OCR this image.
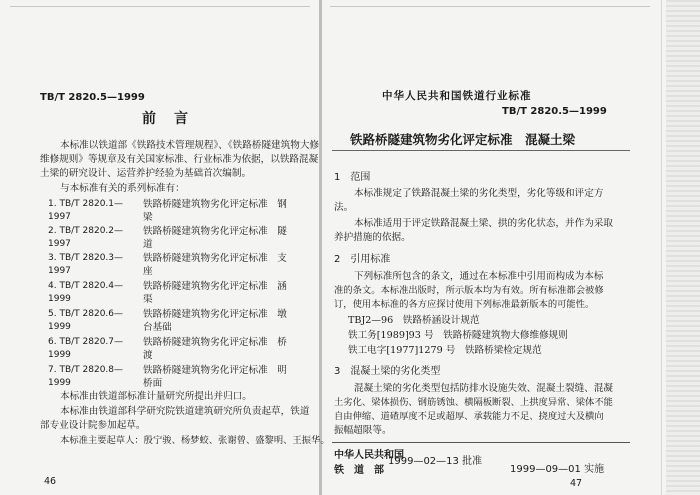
TB/T 2820.5—1999
前　言
本标准以铁道部《铁路技术管理规程》、《铁路桥隧建筑物大修
维修规则》等规章及有关国家标准、行业标准为依据，以铁路混凝
土梁的研究设计、运营养护经验为基础首次编制。
与本标准有关的系列标准有：
1. TB/T 2820.1—1997
铁路桥隧建筑物劣化评定标准　钢梁
2. TB/T 2820.2—1997
铁路桥隧建筑物劣化评定标准　隧道
3. TB/T 2820.3—1997
铁路桥隧建筑物劣化评定标准　支座
4. TB/T 2820.4—1999
铁路桥隧建筑物劣化评定标准　涵渠
5. TB/T 2820.6—1999
铁路桥隧建筑物劣化评定标准　墩台基础
6. TB/T 2820.7—1999
铁路桥隧建筑物劣化评定标准　桥渡
7. TB/T 2820.8—1999
铁路桥隧建筑物劣化评定标准　明桥面
本标准由铁道部标准计量研究所提出并归口。
本标准由铁道部科学研究院铁道建筑研究所负责起草，铁道
部专业设计院参加起草。
本标准主要起草人：殷宁骏、杨梦蛟、张谢曾、盛黎明、王振华。
46
中华人民共和国铁道行业标准
TB/T 2820.5—1999
铁路桥隧建筑物劣化评定标准　混凝土梁
1　范围
本标准规定了铁路混凝土梁的劣化类型，劣化等级和评定方
法。
本标准适用于评定铁路混凝土梁、拱的劣化状态，并作为采取
养护措施的依据。
2　引用标准
下列标准所包含的条文，通过在本标准中引用而构成为本标
准的条文。本标准出版时，所示版本均为有效。所有标准都会被修
订，使用本标准的各方应探讨使用下列标准最新版本的可能性。
TBJ2—96　铁路桥涵设计规范
铁工务[1989]93 号　铁路桥隧建筑物大修维修规则
铁工电字[1977]1279 号　铁路桥梁检定规范
3　混凝土梁的劣化类型
混凝土梁的劣化类型包括防排水设施失效、混凝土裂缝、混凝
土劣化、梁体损伤、钢筋锈蚀、横隔板断裂、上拱度异常、梁体不能
自由伸缩、道碴厚度不足或超厚、承载能力不足、挠度过大及横向
振幅超限等。
中华人民共和国
铁　道　部
1999—02—13 批准
1999—09—01 实施
47
